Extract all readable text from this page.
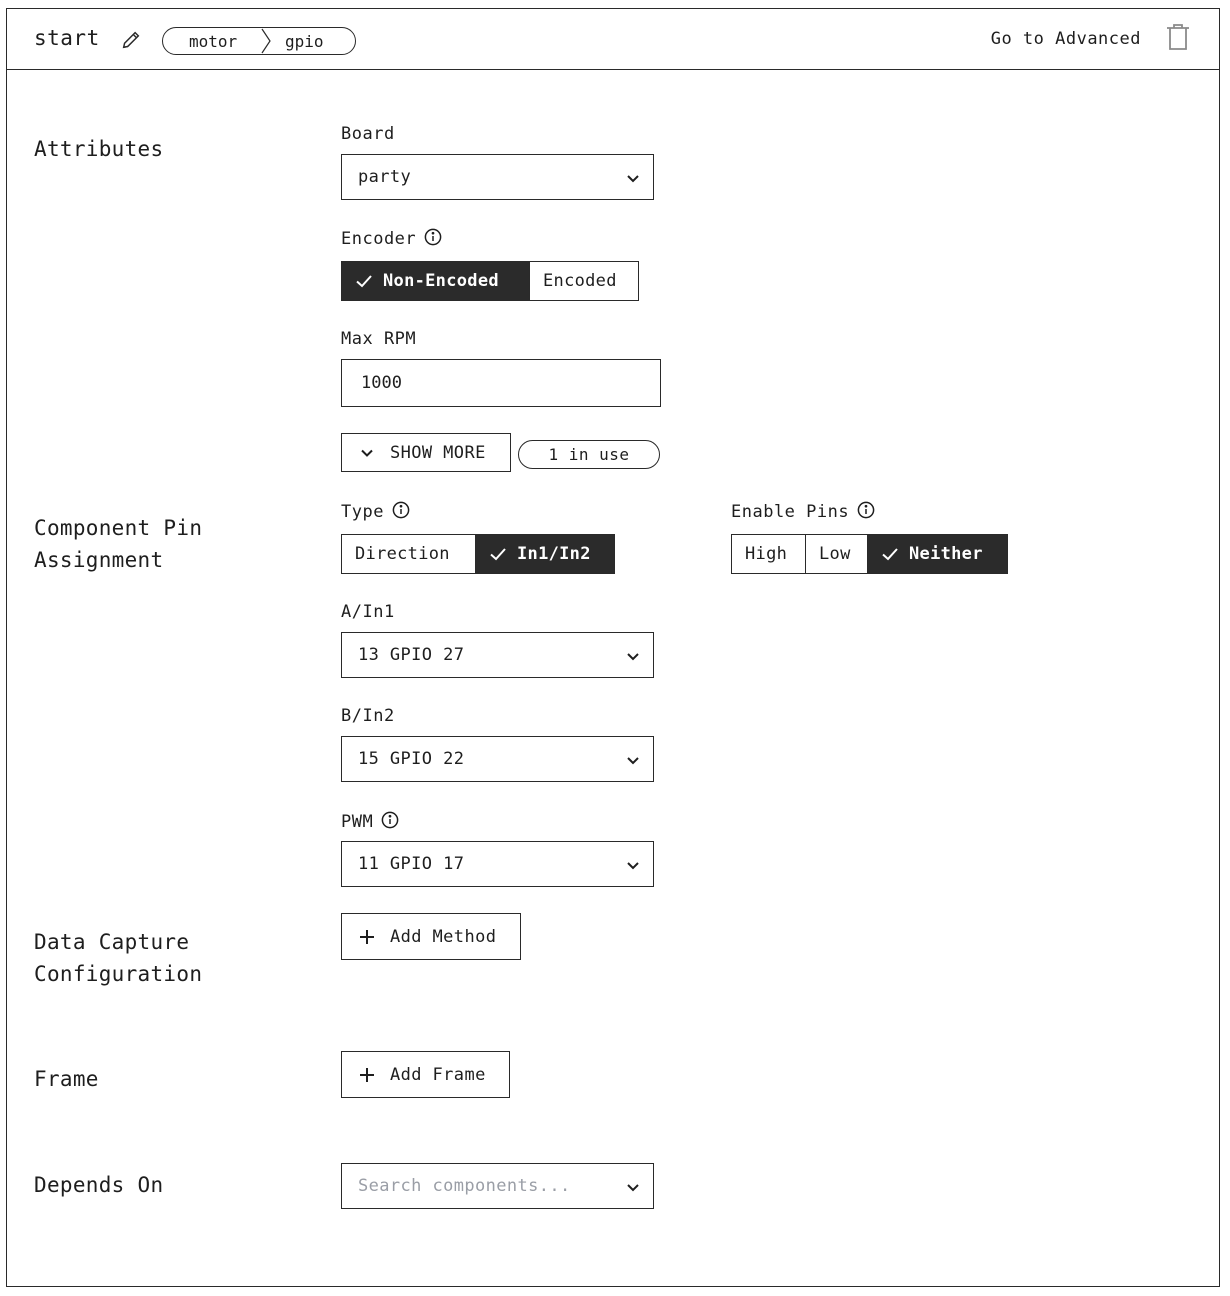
start	motor	gpio	Go to Advanced
Attributes
Board
party
Encoder
Non-Encoded	Encoded
Max RPM
1000
SHOW MORE	1 in use
Component Pin Assignment
Type
Direction	In1/In2
Enable Pins
High Low	Neither
A/In1
13 GPIO 27
B/In2
15 GPIO 22
PWM
11 GPIO 17
Data Capture Configuration
Add Method
Frame	Add Frame
Depends On	Search components...
